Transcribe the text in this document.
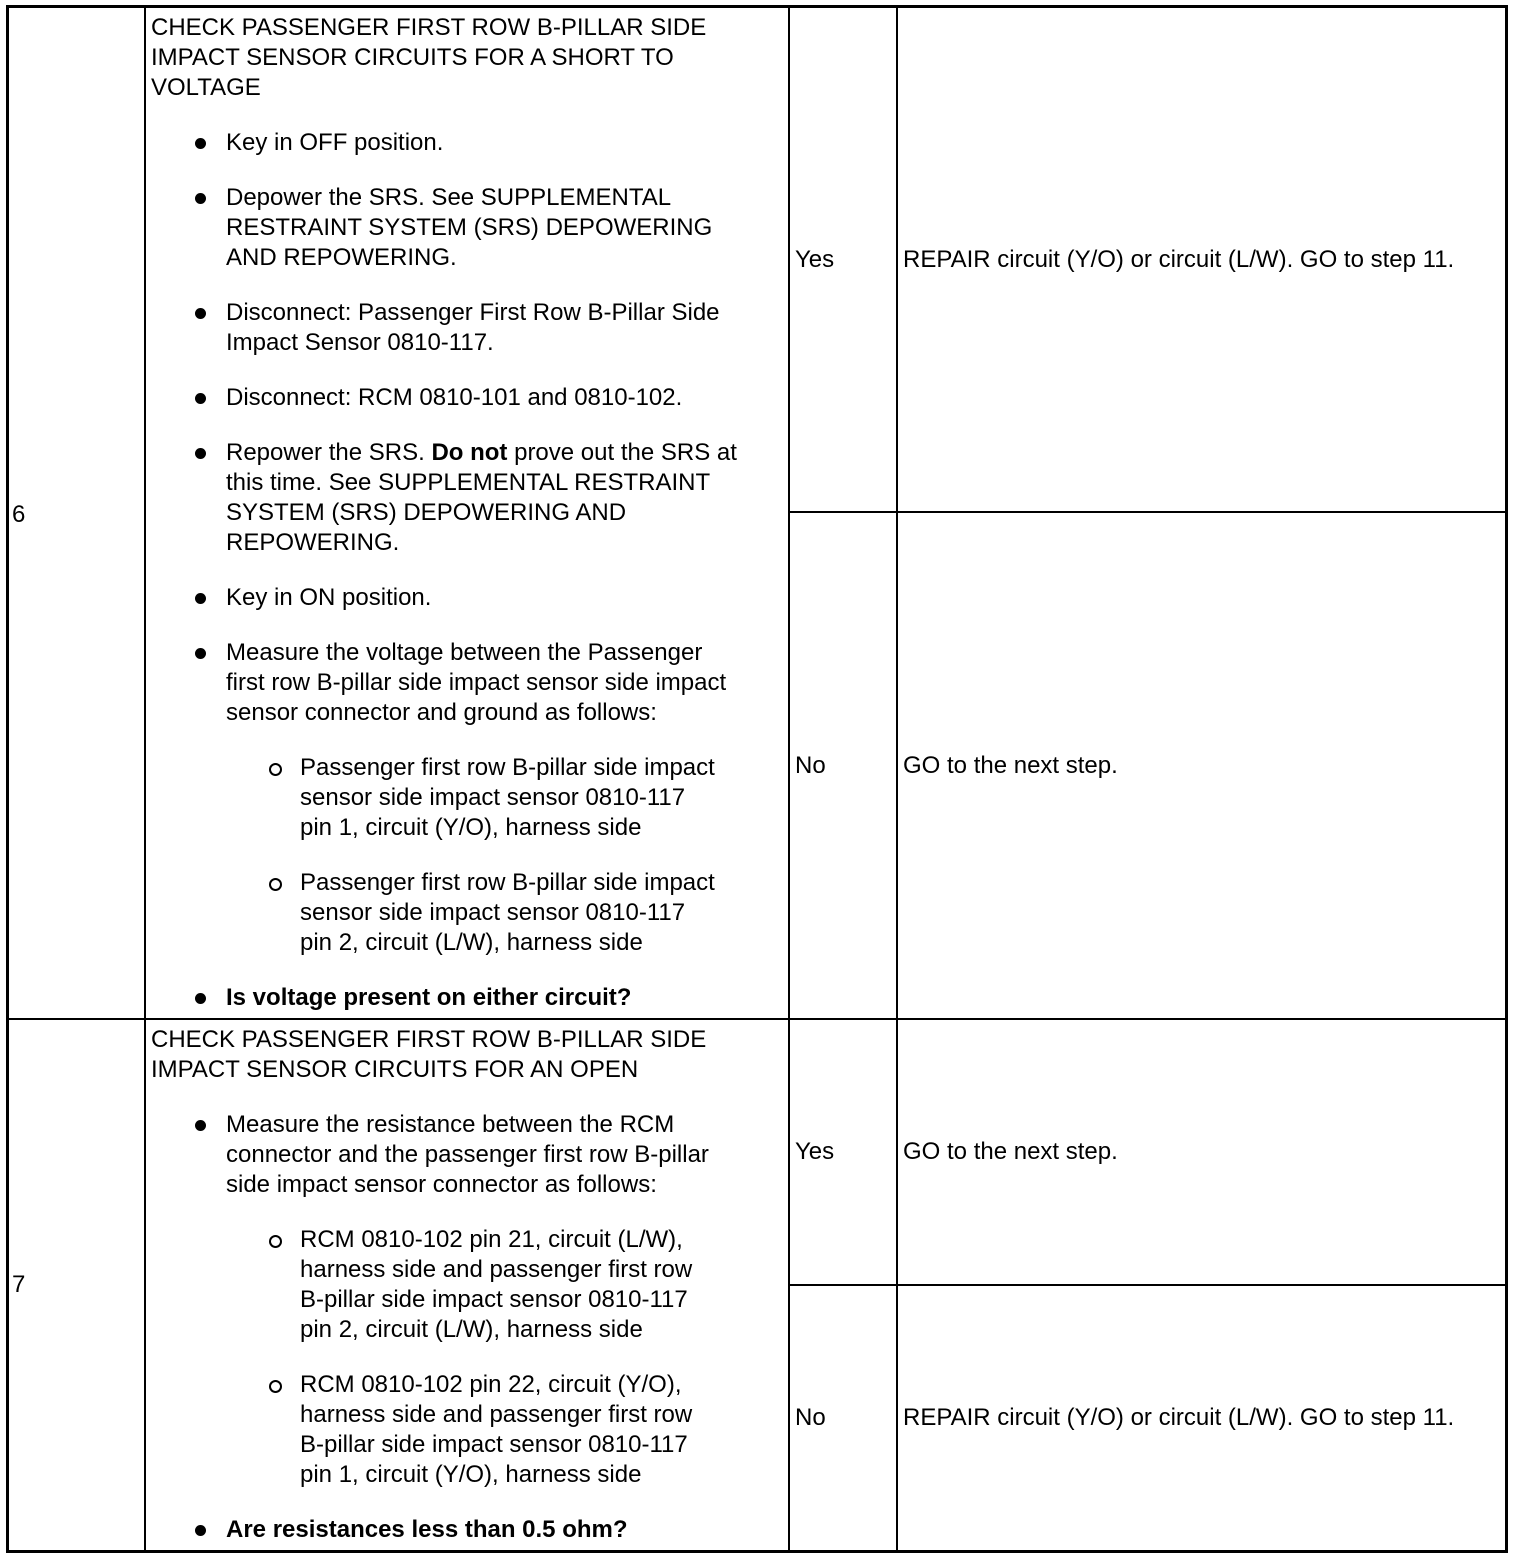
6
CHECK PASSENGER FIRST ROW B-PILLAR SIDE
IMPACT SENSOR CIRCUITS FOR A SHORT TO
VOLTAGE
Key in OFF position.
Depower the SRS. See SUPPLEMENTAL
RESTRAINT SYSTEM (SRS) DEPOWERING
AND REPOWERING.
Disconnect: Passenger First Row B-Pillar Side
Impact Sensor 0810-117.
Disconnect: RCM 0810-101 and 0810-102.
Repower the SRS. Do not prove out the SRS at
this time. See SUPPLEMENTAL RESTRAINT
SYSTEM (SRS) DEPOWERING AND
REPOWERING.
Key in ON position.
Measure the voltage between the Passenger
first row B-pillar side impact sensor side impact
sensor connector and ground as follows:
Passenger first row B-pillar side impact
sensor side impact sensor 0810-117
pin 1, circuit (Y/O), harness side
Passenger first row B-pillar side impact
sensor side impact sensor 0810-117
pin 2, circuit (L/W), harness side
Is voltage present on either circuit?
Yes	REPAIR circuit (Y/O) or circuit (L/W). GO to step 11.
No	GO to the next step.
7
CHECK PASSENGER FIRST ROW B-PILLAR SIDE
IMPACT SENSOR CIRCUITS FOR AN OPEN
Measure the resistance between the RCM
connector and the passenger first row B-pillar
side impact sensor connector as follows:
RCM 0810-102 pin 21, circuit (L/W),
harness side and passenger first row
B-pillar side impact sensor 0810-117
pin 2, circuit (L/W), harness side
RCM 0810-102 pin 22, circuit (Y/O),
harness side and passenger first row
B-pillar side impact sensor 0810-117
pin 1, circuit (Y/O), harness side
Are resistances less than 0.5 ohm?
Yes	GO to the next step.
No	REPAIR circuit (Y/O) or circuit (L/W). GO to step 11.
